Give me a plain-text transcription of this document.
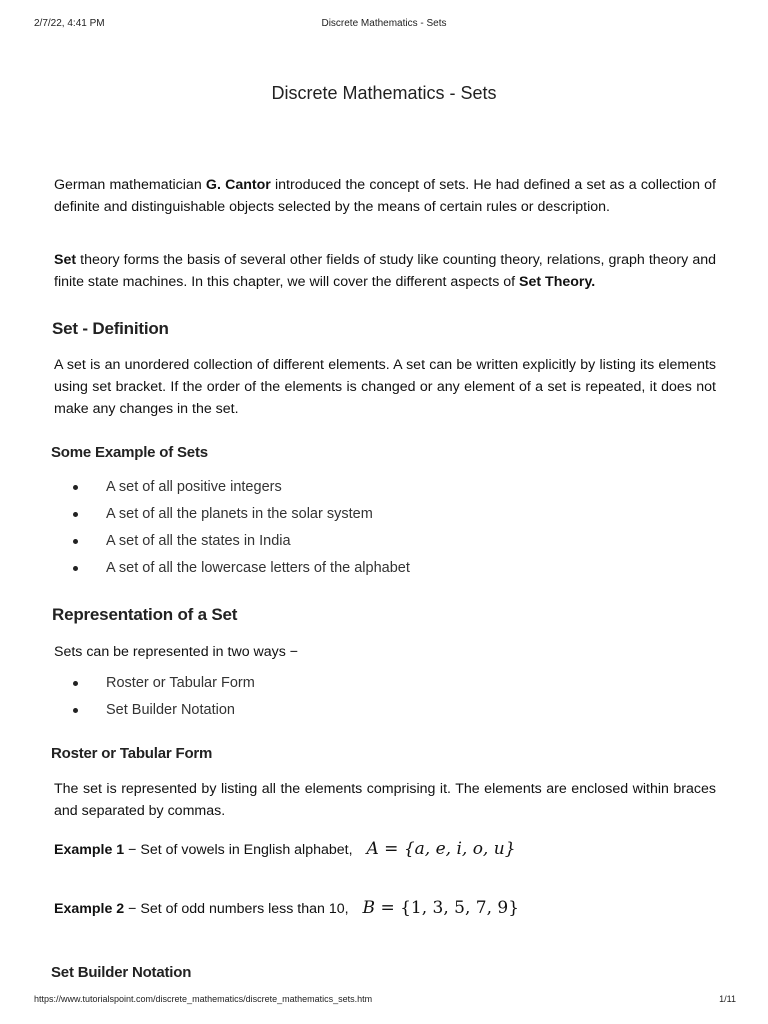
2/7/22, 4:41 PM	Discrete Mathematics - Sets
Discrete Mathematics - Sets

German mathematician G. Cantor introduced the concept of sets. He had defined a set as a collection of definite and distinguishable objects selected by the means of certain rules or description.

Set theory forms the basis of several other fields of study like counting theory, relations, graph theory and finite state machines. In this chapter, we will cover the different aspects of Set Theory.

Set - Definition

A set is an unordered collection of different elements. A set can be written explicitly by listing its elements using set bracket. If the order of the elements is changed or any element of a set is repeated, it does not make any changes in the set.

Some Example of Sets
A set of all positive integers
A set of all the planets in the solar system
A set of all the states in India
A set of all the lowercase letters of the alphabet
Representation of a Set

Sets can be represented in two ways −

Roster or Tabular Form
Set Builder Notation
Roster or Tabular Form

The set is represented by listing all the elements comprising it. The elements are enclosed within braces and separated by commas.

Example 1 − Set of vowels in English alphabet, A = {a, e, i, o, u}
Example 2 − Set of odd numbers less than 10, B = {1, 3, 5, 7, 9}
Set Builder Notation
https://www.tutorialspoint.com/discrete_mathematics/discrete_mathematics_sets.htm	1/11
